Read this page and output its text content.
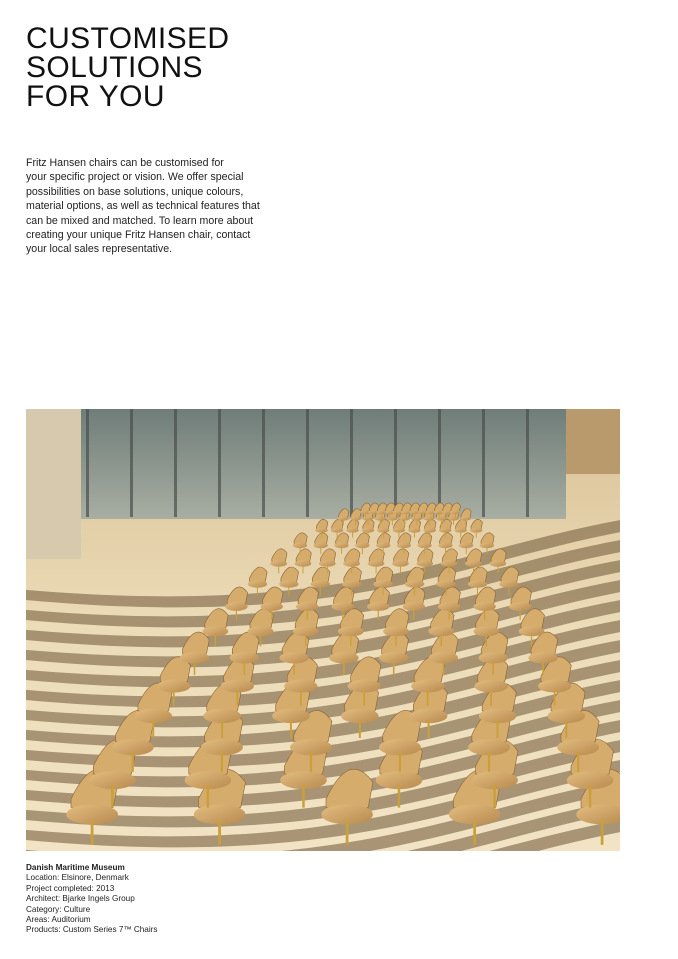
CUSTOMISED
SOLUTIONS
FOR YOU

Fritz Hansen chairs can be customised for
your specific project or vision. We offer special
possibilities on base solutions, unique colours,
material options, as well as technical features that
can be mixed and matched. To learn more about
creating your unique Fritz Hansen chair, contact
your local sales representative.

Danish Maritime Museum
Location: Elsinore, Denmark
Project completed: 2013
Architect: Bjarke Ingels Group
Category: Culture
Areas: Auditorium
Products: Custom Series 7™ Chairs
